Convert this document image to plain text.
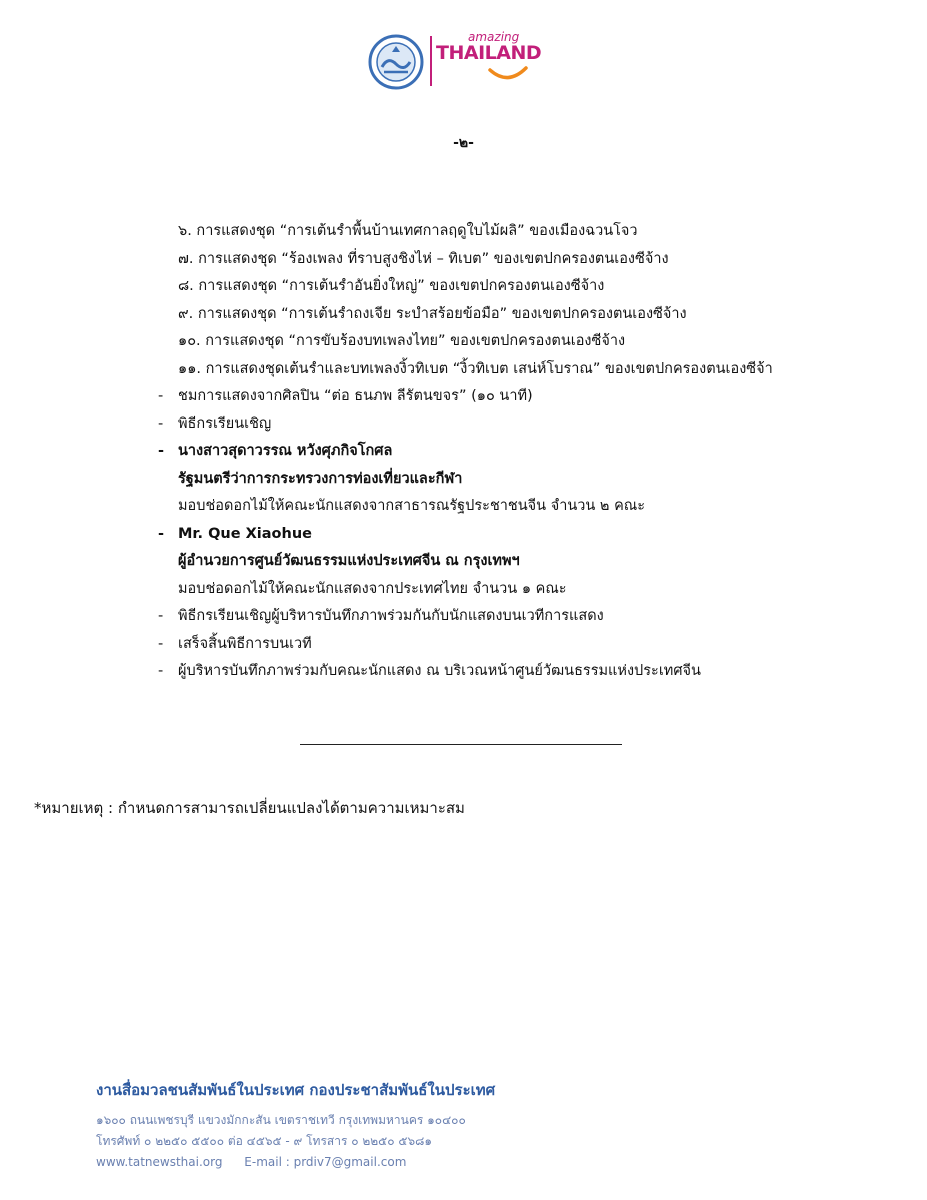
amazing
THAILAND
-๒-
๖. การแสดงชุด “การเต้นรำพื้นบ้านเทศกาลฤดูใบไม้ผลิ” ของเมืองฉวนโจว
๗. การแสดงชุด “ร้องเพลง ที่ราบสูงชิงไห่ – ทิเบต” ของเขตปกครองตนเองซีจ้าง
๘. การแสดงชุด “การเต้นรำอันยิ่งใหญ่” ของเขตปกครองตนเองซีจ้าง
๙. การแสดงชุด “การเต้นรำถงเจีย ระบำสร้อยข้อมือ” ของเขตปกครองตนเองซีจ้าง
๑๐. การแสดงชุด “การขับร้องบทเพลงไทย” ของเขตปกครองตนเองซีจ้าง
๑๑. การแสดงชุดเต้นรำและบทเพลงงิ้วทิเบต “งิ้วทิเบต เสน่ห์โบราณ” ของเขตปกครองตนเองซีจ้า
- ชมการแสดงจากศิลปิน “ต่อ ธนภพ ลีรัตนขจร” (๑๐ นาที)
- พิธีกรเรียนเชิญ
- นางสาวสุดาวรรณ หวังศุภกิจโกศล
รัฐมนตรีว่าการกระทรวงการท่องเที่ยวและกีฬา
มอบช่อดอกไม้ให้คณะนักแสดงจากสาธารณรัฐประชาชนจีน จำนวน ๒ คณะ
- Mr. Que Xiaohue
ผู้อำนวยการศูนย์วัฒนธรรมแห่งประเทศจีน ณ กรุงเทพฯ
มอบช่อดอกไม้ให้คณะนักแสดงจากประเทศไทย จำนวน ๑ คณะ
- พิธีกรเรียนเชิญผู้บริหารบันทึกภาพร่วมกันกับนักแสดงบนเวทีการแสดง
- เสร็จสิ้นพิธีการบนเวที
- ผู้บริหารบันทึกภาพร่วมกับคณะนักแสดง ณ บริเวณหน้าศูนย์วัฒนธรรมแห่งประเทศจีน
*หมายเหตุ : กำหนดการสามารถเปลี่ยนแปลงได้ตามความเหมาะสม
งานสื่อมวลชนสัมพันธ์ในประเทศ กองประชาสัมพันธ์ในประเทศ
๑๖๐๐ ถนนเพชรบุรี แขวงมักกะสัน เขตราชเทวี กรุงเทพมหานคร ๑๐๔๐๐
โทรศัพท์ ๐ ๒๒๕๐ ๕๕๐๐ ต่อ ๔๕๖๕ - ๙ โทรสาร ๐ ๒๒๕๐ ๕๖๘๑
www.tatnewsthai.org E-mail : prdiv7@gmail.com
